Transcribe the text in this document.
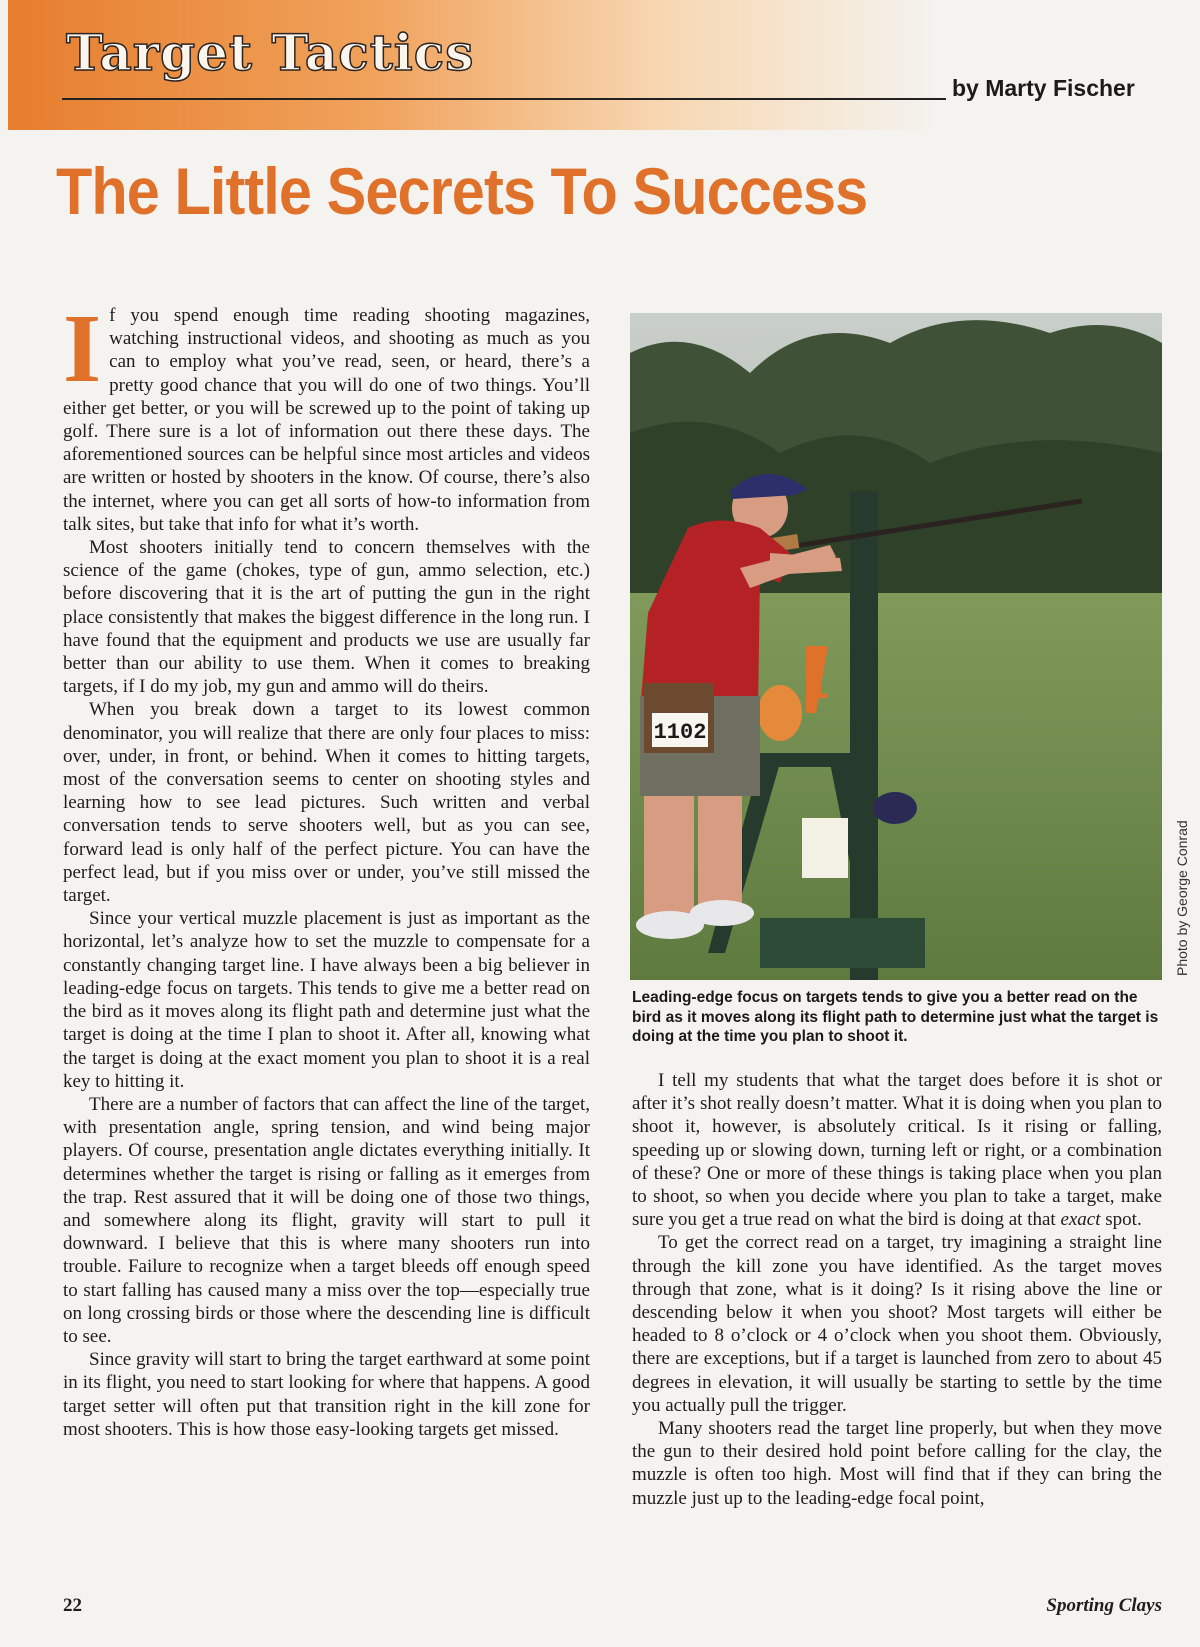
Target Tactics
by Marty Fischer
The Little Secrets To Success

If you spend enough time reading shooting magazines, watching instructional videos, and shooting as much as you can to employ what you’ve read, seen, or heard, there’s a pretty good chance that you will do one of two things. You’ll either get better, or you will be screwed up to the point of taking up golf. There sure is a lot of information out there these days. The aforementioned sources can be helpful since most articles and videos are written or hosted by shooters in the know. Of course, there’s also the internet, where you can get all sorts of how-to information from talk sites, but take that info for what it’s worth.

Most shooters initially tend to concern themselves with the science of the game (chokes, type of gun, ammo selection, etc.) before discovering that it is the art of putting the gun in the right place consistently that makes the biggest difference in the long run. I have found that the equipment and products we use are usually far better than our ability to use them. When it comes to breaking targets, if I do my job, my gun and ammo will do theirs.

When you break down a target to its lowest common denominator, you will realize that there are only four places to miss: over, under, in front, or behind. When it comes to hitting targets, most of the conversation seems to center on shooting styles and learning how to see lead pictures. Such written and verbal conversation tends to serve shooters well, but as you can see, forward lead is only half of the perfect picture. You can have the perfect lead, but if you miss over or under, you’ve still missed the target.

Since your vertical muzzle placement is just as important as the horizontal, let’s analyze how to set the muzzle to compensate for a constantly changing target line. I have always been a big believer in leading-edge focus on targets. This tends to give me a better read on the bird as it moves along its flight path and determine just what the target is doing at the time I plan to shoot it. After all, knowing what the target is doing at the exact moment you plan to shoot it is a real key to hitting it.

There are a number of factors that can affect the line of the target, with presentation angle, spring tension, and wind being major players. Of course, presentation angle dictates everything initially. It determines whether the target is rising or falling as it emerges from the trap. Rest assured that it will be doing one of those two things, and somewhere along its flight, gravity will start to pull it downward. I believe that this is where many shooters run into trouble. Failure to recognize when a target bleeds off enough speed to start falling has caused many a miss over the top—especially true on long crossing birds or those where the descending line is difficult to see.

Since gravity will start to bring the target earthward at some point in its flight, you need to start looking for where that happens. A good target setter will often put that transition right in the kill zone for most shooters. This is how those easy-looking targets get missed.

1102
1
Photo by George Conrad

Leading-edge focus on targets tends to give you a better read on the bird as it moves along its flight path to determine just what the target is doing at the time you plan to shoot it.

I tell my students that what the target does before it is shot or after it’s shot really doesn’t matter. What it is doing when you plan to shoot it, however, is absolutely critical. Is it rising or falling, speeding up or slowing down, turning left or right, or a combination of these? One or more of these things is taking place when you plan to shoot, so when you decide where you plan to take a target, make sure you get a true read on what the bird is doing at that exact spot.

To get the correct read on a target, try imagining a straight line through the kill zone you have identified. As the target moves through that zone, what is it doing? Is it rising above the line or descending below it when you shoot? Most targets will either be headed to 8 o’clock or 4 o’clock when you shoot them. Obviously, there are exceptions, but if a target is launched from zero to about 45 degrees in elevation, it will usually be starting to settle by the time you actually pull the trigger.

Many shooters read the target line properly, but when they move the gun to their desired hold point before calling for the clay, the muzzle is often too high. Most will find that if they can bring the muzzle just up to the leading-edge focal point,

22	Sporting Clays
